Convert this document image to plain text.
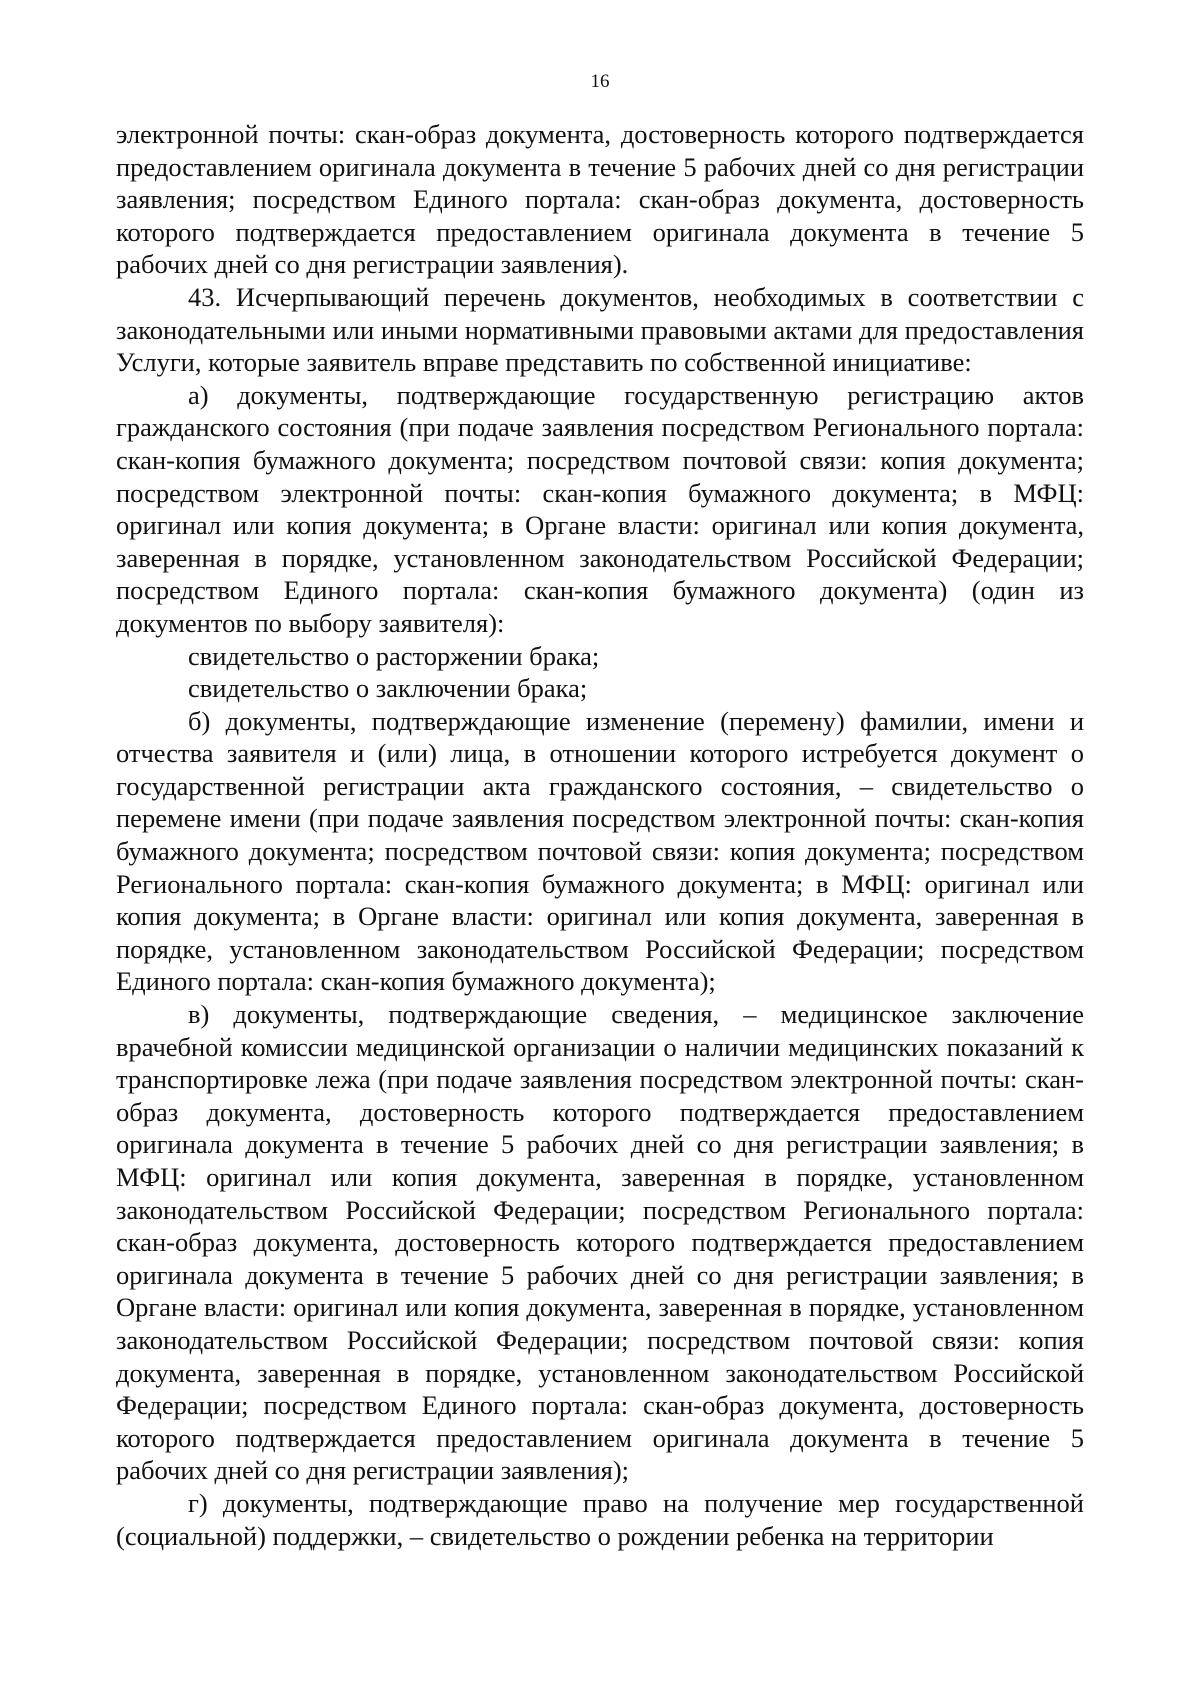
16

электронной почты: скан-образ документа, достоверность которого подтверждается предоставлением оригинала документа в течение 5 рабочих дней со дня регистрации заявления; посредством Единого портала: скан-образ документа, достоверность которого подтверждается предоставлением оригинала документа в течение 5 рабочих дней со дня регистрации заявления).

43. Исчерпывающий перечень документов, необходимых в соответствии с законодательными или иными нормативными правовыми актами для предоставления Услуги, которые заявитель вправе представить по собственной инициативе:

а) документы, подтверждающие государственную регистрацию актов гражданского состояния (при подаче заявления посредством Регионального портала: скан-копия бумажного документа; посредством почтовой связи: копия документа; посредством электронной почты: скан-копия бумажного документа; в МФЦ: оригинал или копия документа; в Органе власти: оригинал или копия документа, заверенная в порядке, установленном законодательством Российской Федерации; посредством Единого портала: скан-копия бумажного документа) (один из документов по выбору заявителя):

свидетельство о расторжении брака;

свидетельство о заключении брака;

б) документы, подтверждающие изменение (перемену) фамилии, имени и отчества заявителя и (или) лица, в отношении которого истребуется документ о государственной регистрации акта гражданского состояния, – свидетельство о перемене имени (при подаче заявления посредством электронной почты: скан-копия бумажного документа; посредством почтовой связи: копия документа; посредством Регионального портала: скан-копия бумажного документа; в МФЦ: оригинал или копия документа; в Органе власти: оригинал или копия документа, заверенная в порядке, установленном законодательством Российской Федерации; посредством Единого портала: скан-копия бумажного документа);

в) документы, подтверждающие сведения, – медицинское заключение врачебной комиссии медицинской организации о наличии медицинских показаний к транспортировке лежа (при подаче заявления посредством электронной почты: скан-образ документа, достоверность которого подтверждается предоставлением оригинала документа в течение 5 рабочих дней со дня регистрации заявления; в МФЦ: оригинал или копия документа, заверенная в порядке, установленном законодательством Российской Федерации; посредством Регионального портала: скан-образ документа, достоверность которого подтверждается предоставлением оригинала документа в течение 5 рабочих дней со дня регистрации заявления; в Органе власти: оригинал или копия документа, заверенная в порядке, установленном законодательством Российской Федерации; посредством почтовой связи: копия документа, заверенная в порядке, установленном законодательством Российской Федерации; посредством Единого портала: скан-образ документа, достоверность которого подтверждается предоставлением оригинала документа в течение 5 рабочих дней со дня регистрации заявления);

г) документы, подтверждающие право на получение мер государственной (социальной) поддержки, – свидетельство о рождении ребенка на территории
